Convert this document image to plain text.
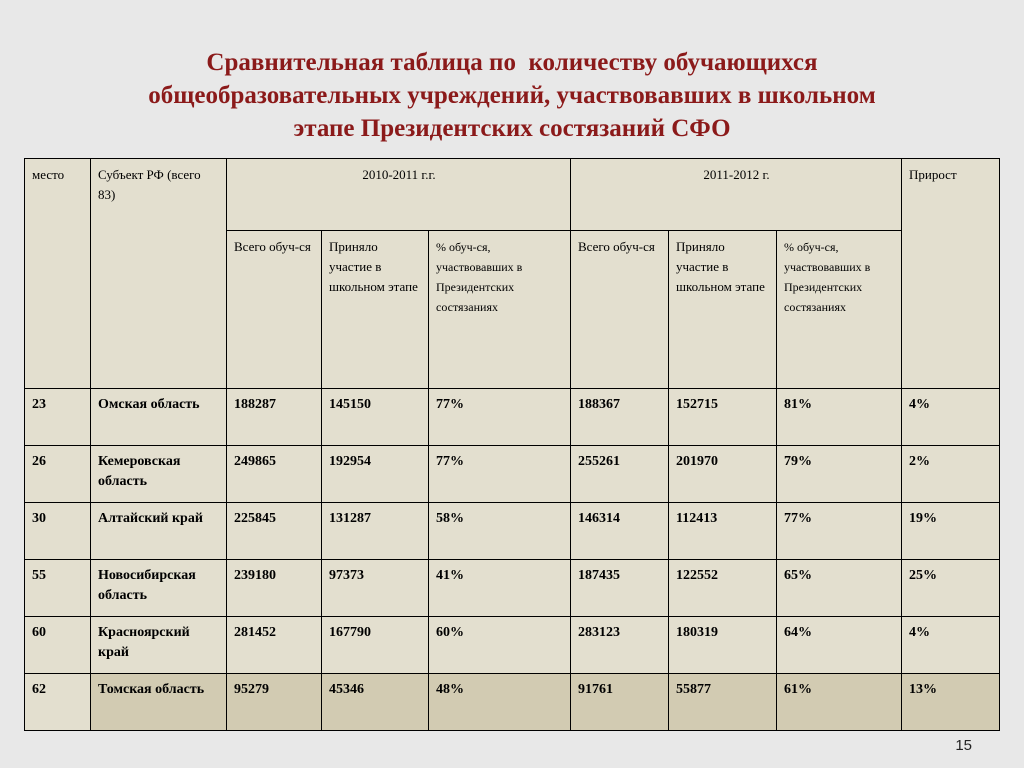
Сравнительная таблица по  количеству обучающихся
общеобразовательных учреждений, участвовавших в школьном
этапе Президентских состязаний СФО
место	Субъект РФ (всего 83)	2010-2011 г.г.			2011-2012 г.			Прирост
		Всего обуч-ся	Приняло участие в школьном этапе	% обуч-ся, участвовавших в Президентских состязаниях	Всего обуч-ся	Приняло участие в школьном этапе	% обуч-ся, участвовавших в Президентских состязаниях	
23	Омская область	188287	145150	77%	188367	152715	81%	4%
26	Кемеровская область	249865	192954	77%	255261	201970	79%	2%
30	Алтайский край	225845	131287	58%	146314	112413	77%	19%
55	Новосибирская область	239180	97373	41%	187435	122552	65%	25%
60	Красноярский край	281452	167790	60%	283123	180319	64%	4%
62	Томская область	95279	45346	48%	91761	55877	61%	13%
15
